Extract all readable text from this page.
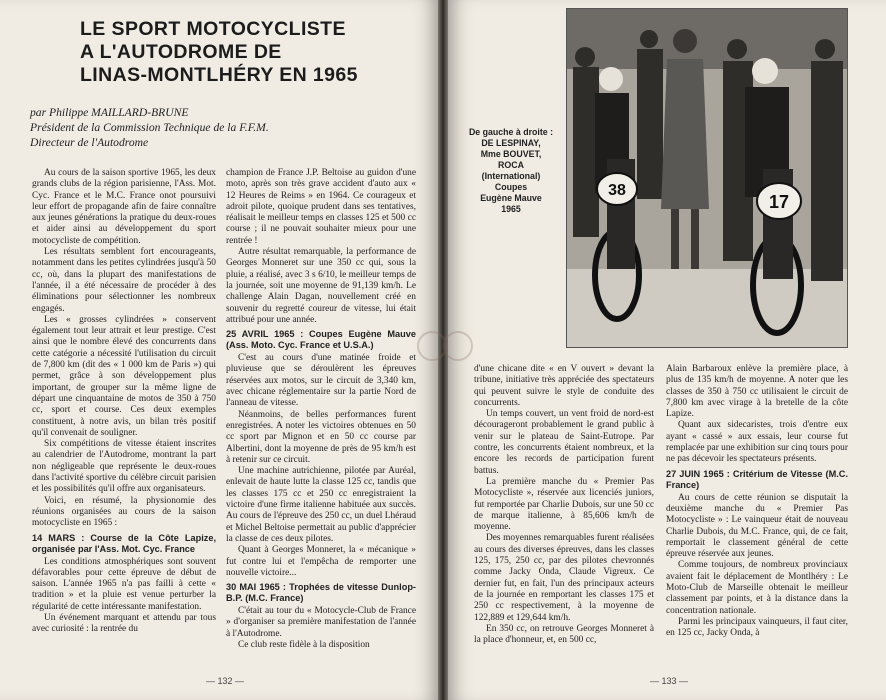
LE SPORT MOTOCYCLISTE
A L'AUTODROME DE
LINAS-MONTLHÉRY EN 1965
par Philippe MAILLARD-BRUNE
Président de la Commission Technique de la F.F.M.
Directeur de l'Autodrome

Au cours de la saison sportive 1965, les deux grands clubs de la région parisienne, l'Ass. Mot. Cyc. France et le M.C. France onot poursuivi leur effort de propagande afin de faire connaître aux jeunes générations la pratique du deux-roues et aider ainsi au développement du sport motocycliste de compétition.

Les résultats semblent fort encourageants, notamment dans les petites cylindrées jusqu'à 50 cc, où, dans la plupart des manifestations de l'année, il a été nécessaire de procéder à des éliminations pour sélectionner les nombreux engagés.

Les « grosses cylindrées » conservent également tout leur attrait et leur prestige. C'est ainsi que le nombre élevé des concurrents dans cette catégorie a nécessité l'utilisation du circuit de 7,800 km (dit des « 1 000 km de Paris ») qui permet, grâce à son développement plus important, de grouper sur la même ligne de départ une cinquantaine de motos de 350 à 750 cc, sport et course. Ces deux exemples constituent, à notre avis, un bilan très positif qu'il convenait de souligner.

Six compétitions de vitesse étaient inscrites au calendrier de l'Autodrome, montrant la part non négligeable que représente le deux-roues dans l'activité sportive du célèbre circuit parisien et les possibilités qu'il offre aux organisateurs.

Voici, en résumé, la physionomie des réunions organisées au cours de la saison motocycliste en 1965 :

14 MARS : Course de la Côte Lapize, organisée par l'Ass. Mot. Cyc. France

Les conditions atmosphériques sont souvent défavorables pour cette épreuve de début de saison. L'année 1965 n'a pas failli à cette « tradition » et la pluie est venue perturber la régularité de cette intéressante manifestation.

Un événement marquant et attendu par tous avec curiosité : la rentrée du

champion de France J.P. Beltoise au guidon d'une moto, après son très grave accident d'auto aux « 12 Heures de Reims » en 1964. Ce courageux et adroit pilote, quoique prudent dans ses tentatives, réalisait le meilleur temps en classes 125 et 500 cc course ; il ne pouvait souhaiter mieux pour une rentrée !

Autre résultat remarquable, la performance de Georges Monneret sur une 350 cc qui, sous la pluie, a réalisé, avec 3 s 6/10, le meilleur temps de la journée, soit une moyenne de 91,139 km/h. Le challenge Alain Dagan, nouvellement créé en souvenir du regretté coureur de vitesse, lui était attribué pour une année.

25 AVRIL 1965 : Coupes Eugène Mauve (Ass. Moto. Cyc. France et U.S.A.)

C'est au cours d'une matinée froide et pluvieuse que se déroulèrent les épreuves réservées aux motos, sur le circuit de 3,340 km, avec chicane réglementaire sur la partie Nord de l'anneau de vitesse.

Néanmoins, de belles performances furent enregistrées. A noter les victoires obtenues en 50 cc sport par Mignon et en 50 cc course par Albertini, dont la moyenne de près de 95 km/h est à retenir sur ce circuit.

Une machine autrichienne, pilotée par Auréal, enlevait de haute lutte la classe 125 cc, tandis que les classes 175 cc et 250 cc enregistraient la victoire d'une firme italienne habituée aux succès. Au cours de l'épreuve des 250 cc, un duel Lhéraud et Michel Beltoise permettait au public d'apprécier la classe de ces deux pilotes.

Quant à Georges Monneret, la « mécanique » fut contre lui et l'empêcha de remporter une nouvelle victoire...

30 MAI 1965 : Trophées de vitesse Dunlop-B.P. (M.C. France)

C'était au tour du « Motocycle-Club de France » d'organiser sa première manifestation de l'année à l'Autodrome.

Ce club reste fidèle à la disposition

— 132 —
38
17
De gauche à droite :
DE LESPINAY,
Mme BOUVET,
ROCA
(International)
Coupes
Eugène Mauve
1965

d'une chicane dite « en V ouvert » devant la tribune, initiative très appréciée des spectateurs qui peuvent suivre le style de conduite des concurrents.

Un temps couvert, un vent froid de nord-est décourageront probablement le grand public à venir sur le plateau de Saint-Eutrope. Par contre, les concurrents étaient nombreux, et la encore les records de participation furent battus.

La première manche du « Premier Pas Motocycliste », réservée aux licenciés juniors, fut remportée par Charlie Dubois, sur une 50 cc de marque italienne, à 85,606 km/h de moyenne.

Des moyennes remarquables furent réalisées au cours des diverses épreuves, dans les classes 125, 175, 250 cc, par des pilotes chevronnés comme Jacky Onda, Claude Vigreux. Ce dernier fut, en fait, l'un des principaux acteurs de la journée en remportant les classes 175 et 250 cc respectivement, à la moyenne de 122,889 et 129,644 km/h.

En 350 cc, on retrouve Georges Monneret à la place d'honneur, et, en 500 cc,

Alain Barbaroux enlève la première place, à plus de 135 km/h de moyenne. A noter que les classes de 350 à 750 cc utilisaient le circuit de 7,800 km avec virage à la bretelle de la côte Lapize.

Quant aux sidecaristes, trois d'entre eux ayant « cassé » aux essais, leur course fut remplacée par une exhibition sur cinq tours pour ne pas décevoir les spectateurs présents.

27 JUIN 1965 : Critérium de Vitesse (M.C. France)

Au cours de cette réunion se disputait la deuxième manche du « Premier Pas Motocycliste » : Le vainqueur était de nouveau Charlie Dubois, du M.C. France, qui, de ce fait, remportait le classement général de cette épreuve réservée aux jeunes.

Comme toujours, de nombreux provinciaux avaient fait le déplacement de Montlhéry : Le Moto-Club de Marseille obtenait le meilleur classement par points, et à la distance dans la concentration nationale.

Parmi les principaux vainqueurs, il faut citer, en 125 cc, Jacky Onda, à

— 133 —
